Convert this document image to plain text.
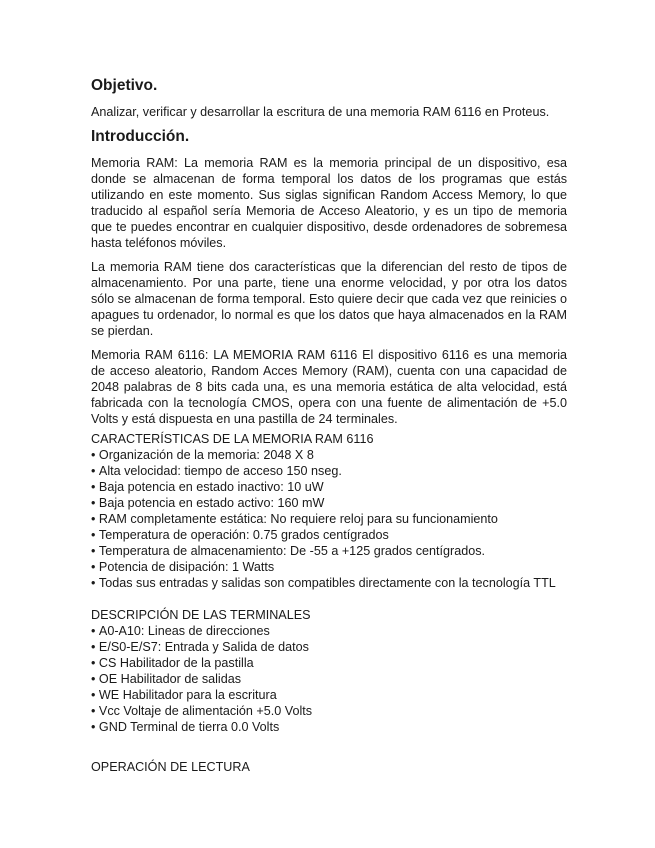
Objetivo.

Analizar, verificar y desarrollar la escritura de una memoria RAM 6116 en Proteus.

Introducción.

Memoria RAM: La memoria RAM es la memoria principal de un dispositivo, esa donde se almacenan de forma temporal los datos de los programas que estás utilizando en este momento. Sus siglas significan Random Access Memory, lo que traducido al español sería Memoria de Acceso Aleatorio, y es un tipo de memoria que te puedes encontrar en cualquier dispositivo, desde ordenadores de sobremesa hasta teléfonos móviles.

La memoria RAM tiene dos características que la diferencian del resto de tipos de almacenamiento. Por una parte, tiene una enorme velocidad, y por otra los datos sólo se almacenan de forma temporal. Esto quiere decir que cada vez que reinicies o apagues tu ordenador, lo normal es que los datos que haya almacenados en la RAM se pierdan.

Memoria RAM 6116: LA MEMORIA RAM 6116 El dispositivo 6116 es una memoria de acceso aleatorio, Random Acces Memory (RAM), cuenta con una capacidad de 2048 palabras de 8 bits cada una, es una memoria estática de alta velocidad, está fabricada con la tecnología CMOS, opera con una fuente de alimentación de +5.0 Volts y está dispuesta en una pastilla de 24 terminales.

CARACTERÍSTICAS DE LA MEMORIA RAM 6116
• Organización de la memoria: 2048 X 8
• Alta velocidad: tiempo de acceso 150 nseg.
• Baja potencia en estado inactivo: 10 uW
• Baja potencia en estado activo: 160 mW
• RAM completamente estática: No requiere reloj para su funcionamiento
• Temperatura de operación: 0.75 grados centígrados
• Temperatura de almacenamiento: De -55 a +125 grados centígrados.
• Potencia de disipación: 1 Watts
• Todas sus entradas y salidas son compatibles directamente con la tecnología TTL
DESCRIPCIÓN DE LAS TERMINALES
• A0-A10: Lineas de direcciones
• E/S0-E/S7: Entrada y Salida de datos
• CS Habilitador de la pastilla
• OE Habilitador de salidas
• WE Habilitador para la escritura
• Vcc Voltaje de alimentación +5.0 Volts
• GND Terminal de tierra 0.0 Volts
OPERACIÓN DE LECTURA
